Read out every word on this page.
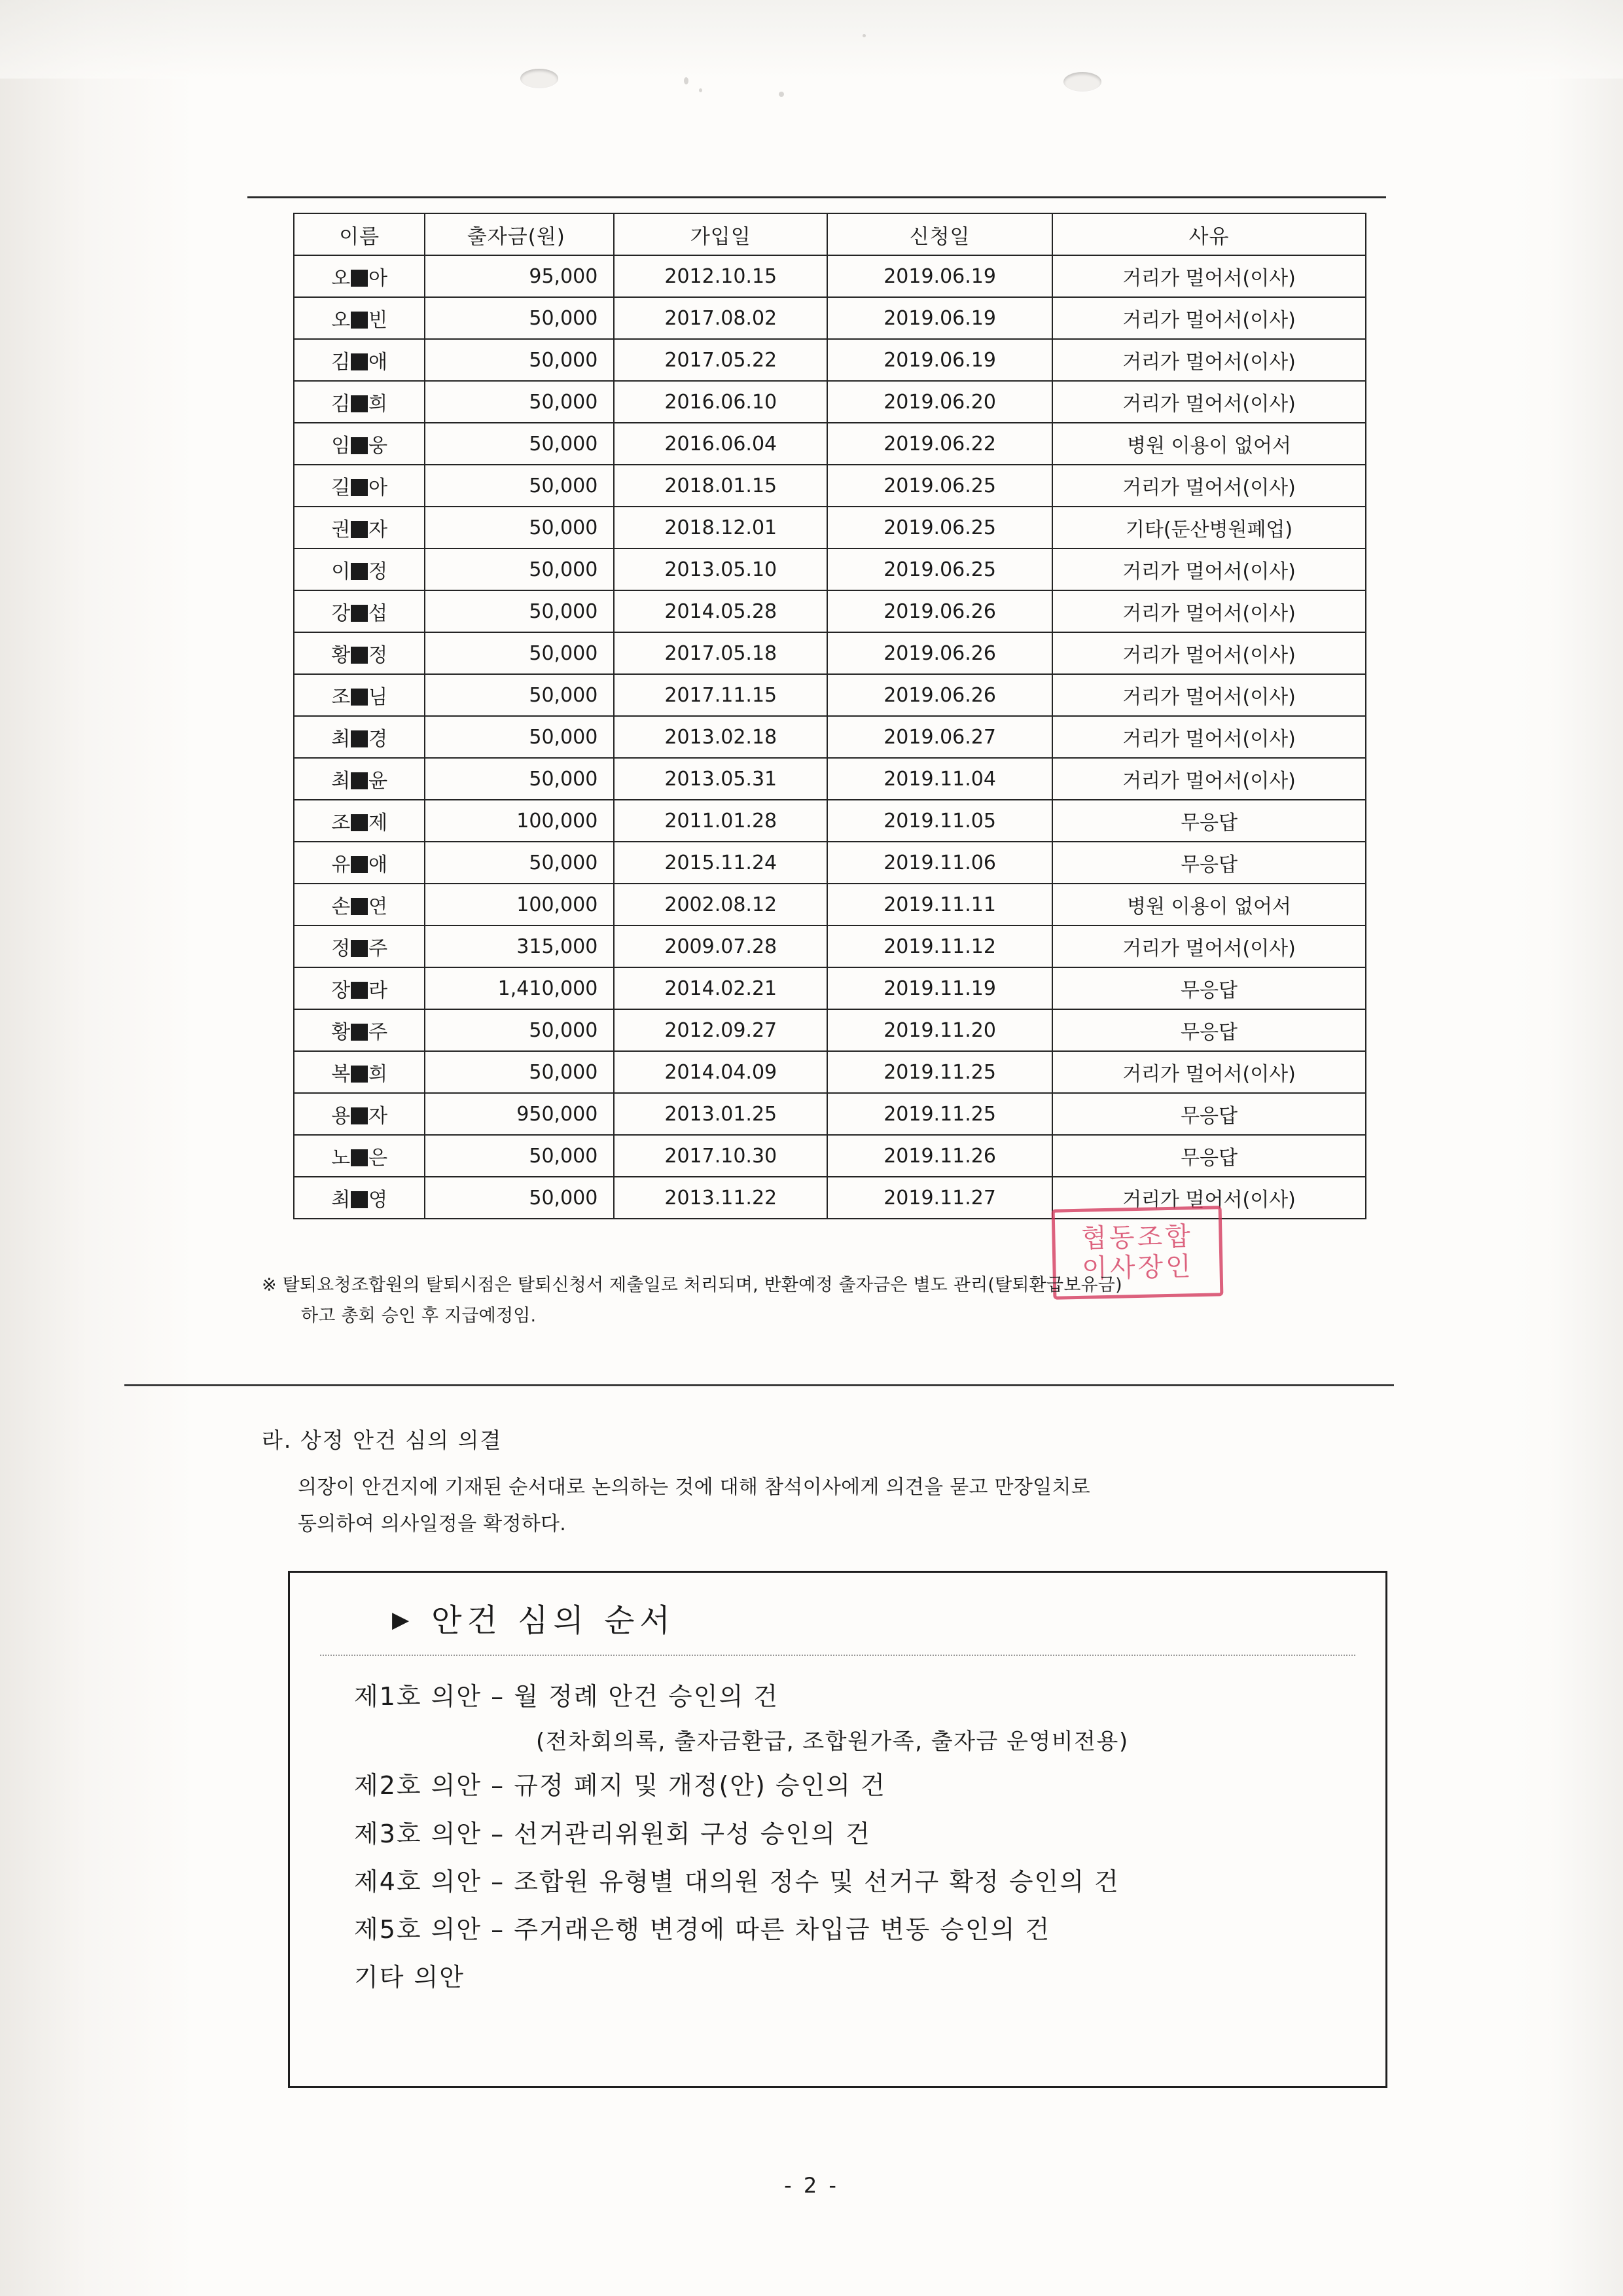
이름	출자금(원)	가입일	신청일	사유
오 아	95,000	2012.10.15	2019.06.19	거리가 멀어서(이사)
오 빈	50,000	2017.08.02	2019.06.19	거리가 멀어서(이사)
김 애	50,000	2017.05.22	2019.06.19	거리가 멀어서(이사)
김 희	50,000	2016.06.10	2019.06.20	거리가 멀어서(이사)
임 웅	50,000	2016.06.04	2019.06.22	병원 이용이 없어서
길 아	50,000	2018.01.15	2019.06.25	거리가 멀어서(이사)
권 자	50,000	2018.12.01	2019.06.25	기타(둔산병원폐업)
이 정	50,000	2013.05.10	2019.06.25	거리가 멀어서(이사)
강 섭	50,000	2014.05.28	2019.06.26	거리가 멀어서(이사)
황 정	50,000	2017.05.18	2019.06.26	거리가 멀어서(이사)
조 님	50,000	2017.11.15	2019.06.26	거리가 멀어서(이사)
최 경	50,000	2013.02.18	2019.06.27	거리가 멀어서(이사)
최 윤	50,000	2013.05.31	2019.11.04	거리가 멀어서(이사)
조 제	100,000	2011.01.28	2019.11.05	무응답
유 애	50,000	2015.11.24	2019.11.06	무응답
손 연	100,000	2002.08.12	2019.11.11	병원 이용이 없어서
정 주	315,000	2009.07.28	2019.11.12	거리가 멀어서(이사)
장 라	1,410,000	2014.02.21	2019.11.19	무응답
황 주	50,000	2012.09.27	2019.11.20	무응답
복 희	50,000	2014.04.09	2019.11.25	거리가 멀어서(이사)
용 자	950,000	2013.01.25	2019.11.25	무응답
노 은	50,000	2017.10.30	2019.11.26	무응답
최 영	50,000	2013.11.22	2019.11.27	거리가 멀어서(이사)
협동조합
이사장인
※ 탈퇴요청조합원의 탈퇴시점은 탈퇴신청서 제출일로 처리되며, 반환예정 출자금은 별도 관리(탈퇴환급보유금)
하고 총회 승인 후 지급예정임.
라. 상정 안건 심의 의결
의장이 안건지에 기재된 순서대로 논의하는 것에 대해 참석이사에게 의견을 묻고 만장일치로
동의하여 의사일정을 확정하다.
▶ 안건 심의 순서
제1호 의안 – 월 정례 안건 승인의 건
(전차회의록, 출자금환급, 조합원가족, 출자금 운영비전용)
제2호 의안 – 규정 폐지 및 개정(안) 승인의 건
제3호 의안 – 선거관리위원회 구성 승인의 건
제4호 의안 – 조합원 유형별 대의원 정수 및 선거구 확정 승인의 건
제5호 의안 – 주거래은행 변경에 따른 차입금 변동 승인의 건
기타 의안
- 2 -
